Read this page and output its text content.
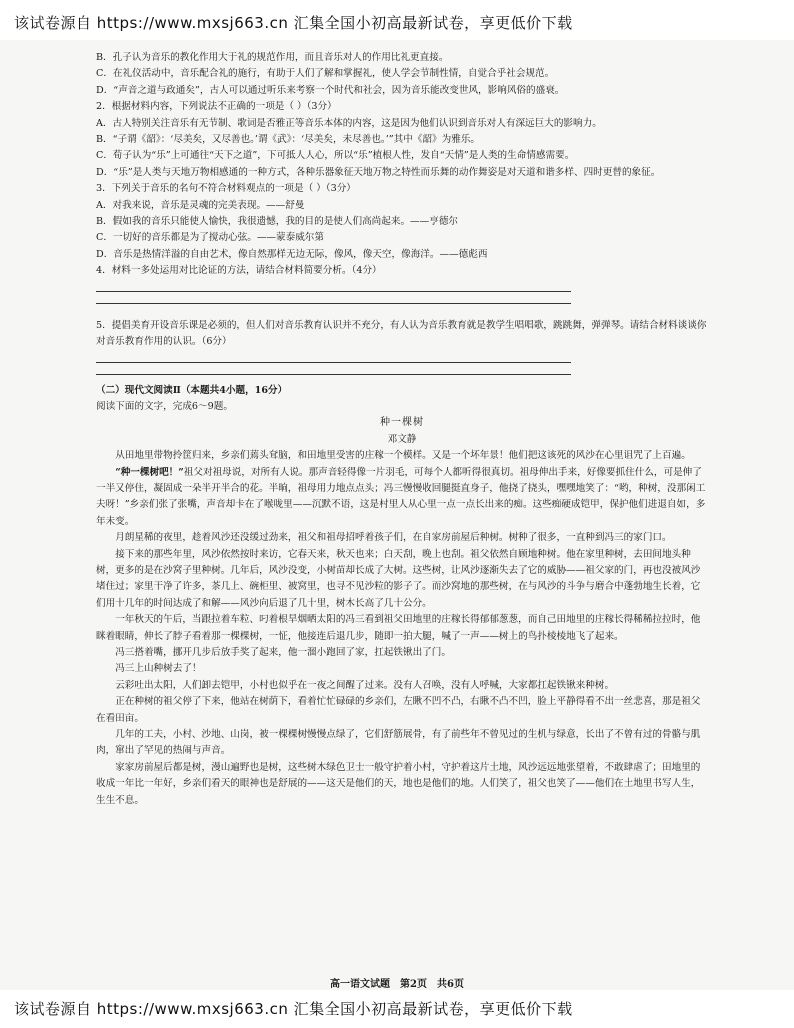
该试卷源自 https://www.mxsj663.cn 汇集全国小初高最新试卷，享更低价下载

B．孔子认为音乐的教化作用大于礼的规范作用，而且音乐对人的作用比礼更直接。

C．在礼仪活动中，音乐配合礼的施行，有助于人们了解和掌握礼，使人学会节制性情，自觉合乎社会规范。

D．“声音之道与政通矣”，古人可以通过听乐来考察一个时代和社会，因为音乐能改变世风，影响风俗的盛衰。

2．根据材料内容，下列说法不正确的一项是（ ）（3分）

A．古人特别关注音乐有无节制、歌词是否雅正等音乐本体的内容，这是因为他们认识到音乐对人有深远巨大的影响力。

B．“子谓《韶》：‘尽美矣，又尽善也。’谓《武》：‘尽美矣，未尽善也。’”其中《韶》为雅乐。

C．荀子认为“乐”上可通往“天下之道”，下可抵人人心，所以“乐”植根人性，发自“天情”是人类的生命情感需要。

D．“乐”是人类与天地万物相感通的一种方式，各种乐器象征天地万物之特性而乐舞的动作舞姿是对天道和谐多样、四时更替的象征。

3．下列关于音乐的名句不符合材料观点的一项是（ ）（3分）

A．对我来说，音乐是灵魂的完美表现。——舒曼

B．假如我的音乐只能使人愉快，我很遗憾，我的目的是使人们高尚起来。——亨德尔

C．一切好的音乐都是为了搅动心弦。——蒙泰威尔第

D．音乐是热情洋溢的自由艺术，像自然那样无边无际，像风，像天空，像海洋。——德彪西

4．材料一多处运用对比论证的方法，请结合材料简要分析。（4分）

5．提倡美育开设音乐课是必须的，但人们对音乐教育认识并不充分，有人认为音乐教育就是教学生唱唱歌，跳跳舞，弹弹琴。请结合材料谈谈你对音乐教育作用的认识。（6分）

（二）现代文阅读Ⅱ（本题共4小题，16分）

阅读下面的文字，完成6～9题。

种一棵树

邓文静

从田地里带物拎筐归来，乡亲们蔫头耷脑，和田地里受害的庄稼一个模样。又是一个坏年景！他们把这该死的风沙在心里诅咒了上百遍。

“种一棵树吧！”祖父对祖母说，对所有人说。那声音轻得像一片羽毛，可每个人都听得很真切。祖母伸出手来，好像要抓住什么，可是伸了一半又停住，凝固成一朵半开半合的花。半晌，祖母用力地点点头；冯三慢慢收回腿挺直身子，他挠了挠头，嘿嘿地笑了：“哟，种树，没那闲工夫呀！”乡亲们张了张嘴，声音却卡在了喉咙里——沉默不语，这是村里人从心里一点一点长出来的痴。这些痴硬成铠甲，保护他们进退自如，多年未变。

月朗星稀的夜里，趁着风沙还没缓过劲来，祖父和祖母招呼着孩子们，在自家房前屋后种树。树种了很多，一直种到冯三的家门口。

接下来的那些年里，风沙依然按时来访，它春天来，秋天也来；白天刮，晚上也刮。祖父依然自顾地种树。他在家里种树，去田间地头种树，更多的是在沙窝子里种树。几年后，风沙没变，小树苗却长成了大树。这些树，让风沙逐渐失去了它的威胁——祖父家的门，再也没被风沙堵住过；家里干净了许多，茶几上、碗柜里、被窝里，也寻不见沙粒的影子了。而沙窝地的那些树，在与风沙的斗争与磨合中蓬勃地生长着，它们用十几年的时间达成了和解——风沙向后退了几十里，树木长高了几十公分。

一年秋天的午后，当跟拉着车粒、叼着根旱烟晒太阳的冯三看到祖父田地里的庄稼长得郁郁葱葱，而自己田地里的庄稼长得稀稀拉拉时，他眯着眼睛，伸长了脖子看着那一棵棵树，一怔，他接连后退几步，随即一拍大腿，喊了一声——树上的鸟扑棱棱地飞了起来。

冯三搭着嘴，挪开几步后放手奖了起来，他一溜小跑回了家，扛起铁锹出了门。

冯三上山种树去了！

云彩吐出太阳，人们卸去铠甲，小村也似乎在一夜之间醒了过来。没有人召唤，没有人呼喊，大家都扛起铁锹来种树。

正在种树的祖父停了下来，他站在树荫下，看着忙忙碌碌的乡亲们，左瞅不凹不凸，右瞅不凸不凹，脸上平静得看不出一丝悲喜，那是祖父在看田亩。

几年的工夫，小村、沙地、山岗，被一棵棵树慢慢点绿了，它们舒筋展骨，有了前些年不曾见过的生机与绿意，长出了不曾有过的骨骼与肌肉，窜出了罕见的热闹与声音。

家家房前屋后都是树，漫山遍野也是树，这些树木绿色卫士一般守护着小村，守护着这片土地，风沙远远地张望着，不敢肆虐了；田地里的收成一年比一年好，乡亲们看天的眼神也是舒展的——这天是他们的天，地也是他们的地。人们笑了，祖父也笑了——他们在土地里书写人生，生生不息。

高一语文试题　第2页　共6页
该试卷源自 https://www.mxsj663.cn 汇集全国小初高最新试卷，享更低价下载
